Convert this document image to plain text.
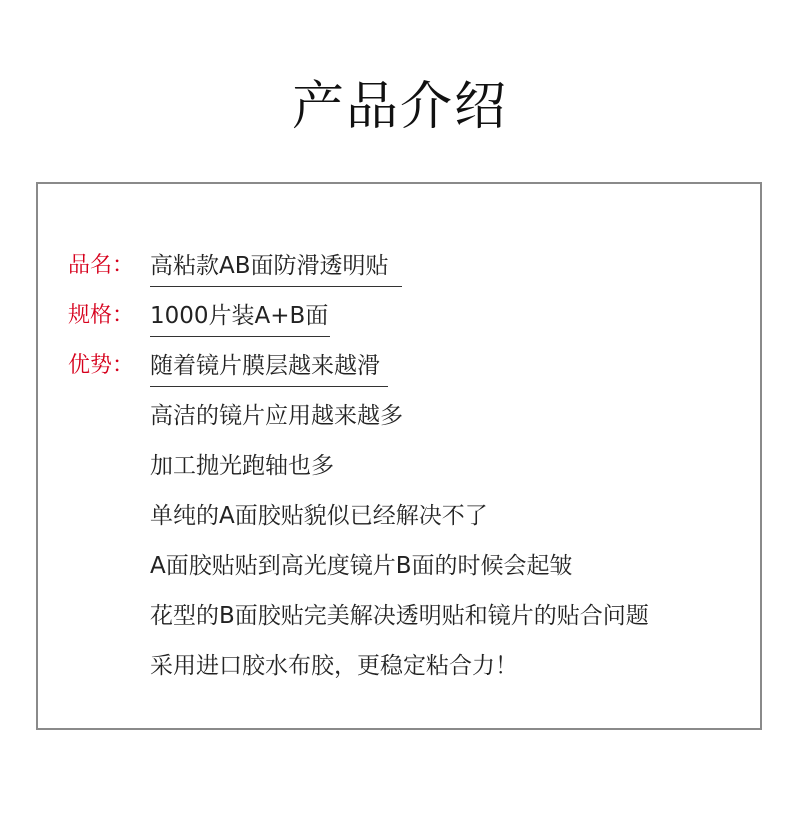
产品介绍
品名： 高粘款AB面防滑透明贴
规格： 1000片装A+B面
优势： 随着镜片膜层越来越滑
高洁的镜片应用越来越多
加工抛光跑轴也多
单纯的A面胶贴貌似已经解决不了
A面胶贴贴到高光度镜片B面的时候会起皱
花型的B面胶贴完美解决透明贴和镜片的贴合问题
采用进口胶水布胶，更稳定粘合力！
